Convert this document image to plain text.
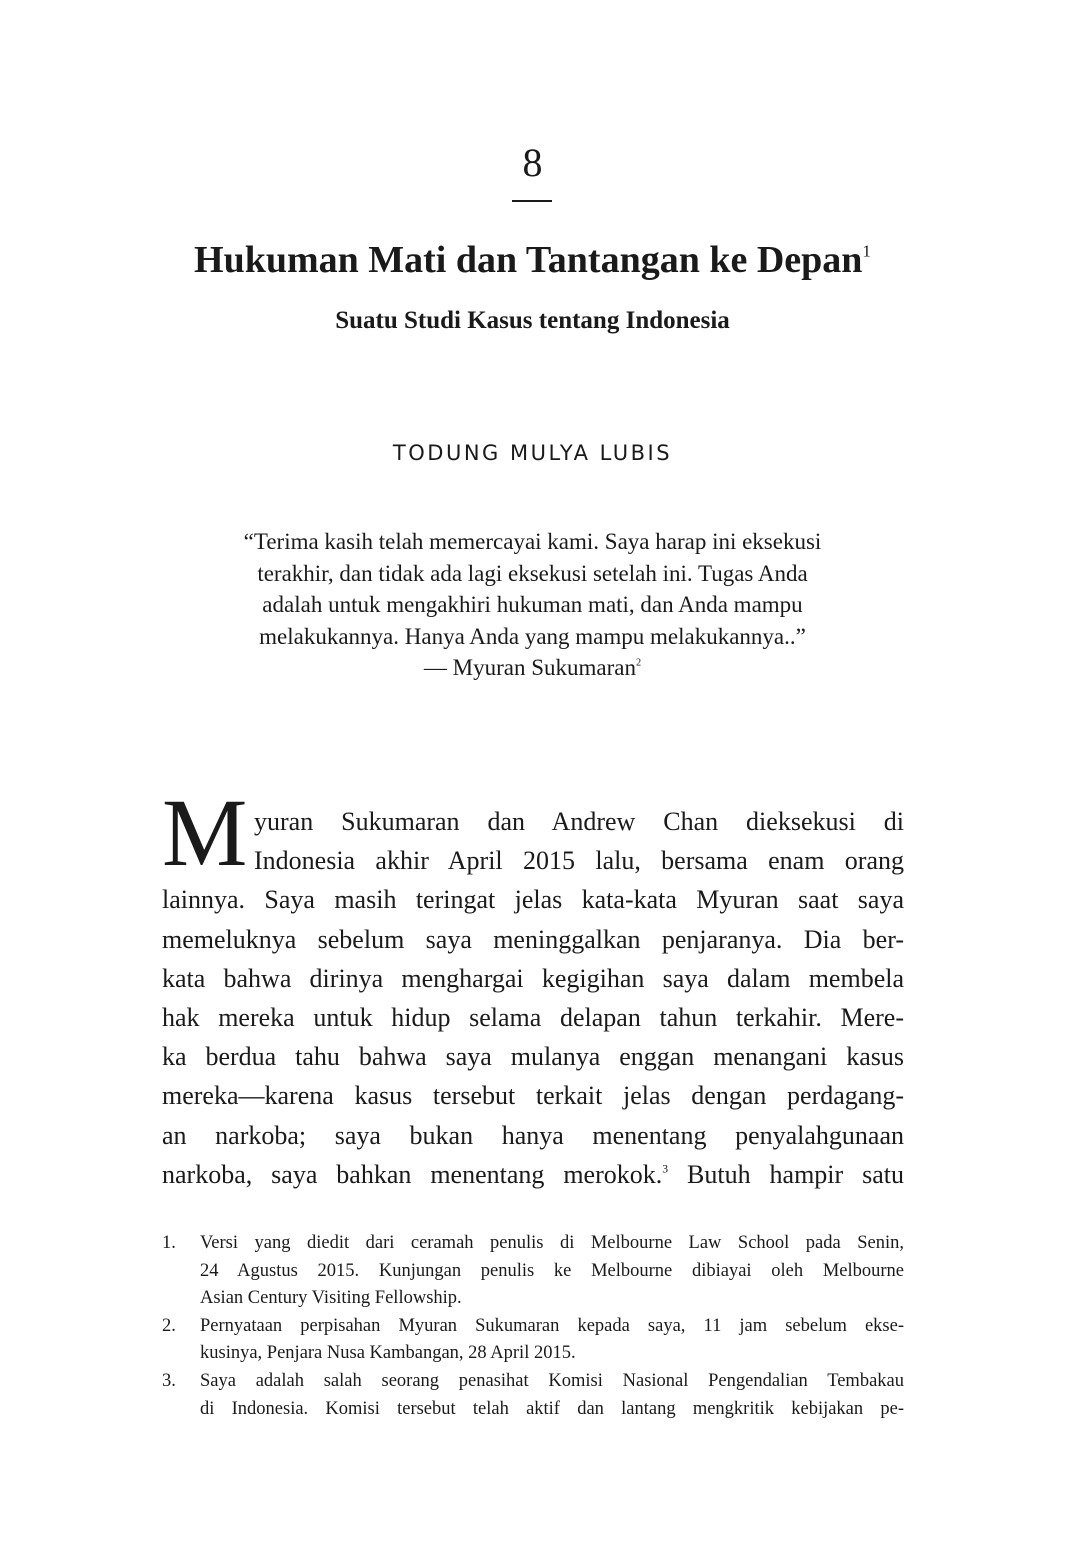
8
Hukuman Mati dan Tantangan ke Depan$^1$
Suatu Studi Kasus tentang Indonesia
TODUNG MULYA LUBIS
“Terima kasih telah memercayai kami. Saya harap ini eksekusi
terakhir, dan tidak ada lagi eksekusi setelah ini. Tugas Anda
adalah untuk mengakhiri hukuman mati, dan Anda mampu
melakukannya. Hanya Anda yang mampu melakukannya..”
— Myuran Sukumaran$^2$
M yuran Sukumaran dan Andrew Chan dieksekusi di
Indonesia akhir April 2015 lalu, bersama enam orang
lainnya. Saya masih teringat jelas kata-kata Myuran saat saya
memeluknya sebelum saya meninggalkan penjaranya. Dia ber-
kata bahwa dirinya menghargai kegigihan saya dalam membela
hak mereka untuk hidup selama delapan tahun terkahir. Mere-
ka berdua tahu bahwa saya mulanya enggan menangani kasus
mereka—karena kasus tersebut terkait jelas dengan perdagang-
an narkoba; saya bukan hanya menentang penyalahgunaan
narkoba, saya bahkan menentang merokok.$^3$ Butuh hampir satu
1. Versi yang diedit dari ceramah penulis di Melbourne Law School pada Senin,
24 Agustus 2015. Kunjungan penulis ke Melbourne dibiayai oleh Melbourne
Asian Century Visiting Fellowship.
2. Pernyataan perpisahan Myuran Sukumaran kepada saya, 11 jam sebelum ekse-
kusinya, Penjara Nusa Kambangan, 28 April 2015.
3. Saya adalah salah seorang penasihat Komisi Nasional Pengendalian Tembakau
di Indonesia. Komisi tersebut telah aktif dan lantang mengkritik kebijakan pe-
